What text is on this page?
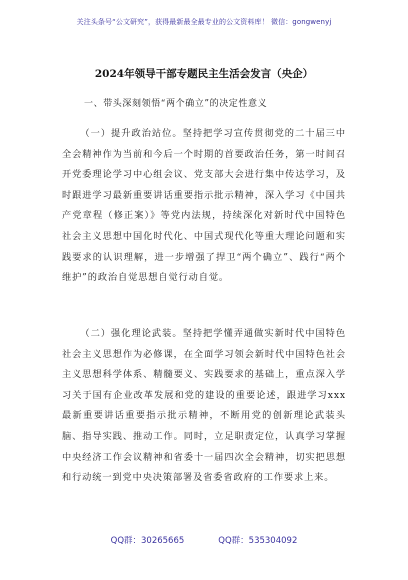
关注头条号“公文研究”，获得最新最全最专业的公文资料库！ 微信：gongwenyj
2024年领导干部专题民主生活会发言（央企）
一、带头深刻领悟“两个确立”的决定性意义

（一）提升政治站位。坚持把学习宣传贯彻党的二十届三中全会精神作为当前和今后一个时期的首要政治任务，第一时间召开党委理论学习中心组会议、党支部大会进行集中传达学习，及时跟进学习最新重要讲话重要指示批示精神，深入学习《中国共产党章程（修正案）》等党内法规，持续深化对新时代中国特色社会主义思想中国化时代化、中国式现代化等重大理论问题和实践要求的认识理解，进一步增强了捍卫“两个确立”、践行“两个维护”的政治自觉思想自觉行动自觉。

（二）强化理论武装。坚持把学懂弄通做实新时代中国特色社会主义思想作为必修课，在全面学习领会新时代中国特色社会主义思想科学体系、精髓要义、实践要求的基础上，重点深入学习关于国有企业改革发展和党的建设的重要论述，跟进学习xxx最新重要讲话重要指示批示精神，不断用党的创新理论武装头脑、指导实践、推动工作。同时，立足职责定位，认真学习掌握中央经济工作会议精神和省委十一届四次全会精神，切实把思想和行动统一到党中央决策部署及省委省政府的工作要求上来。

QQ群：30265665	QQ群：535304092
